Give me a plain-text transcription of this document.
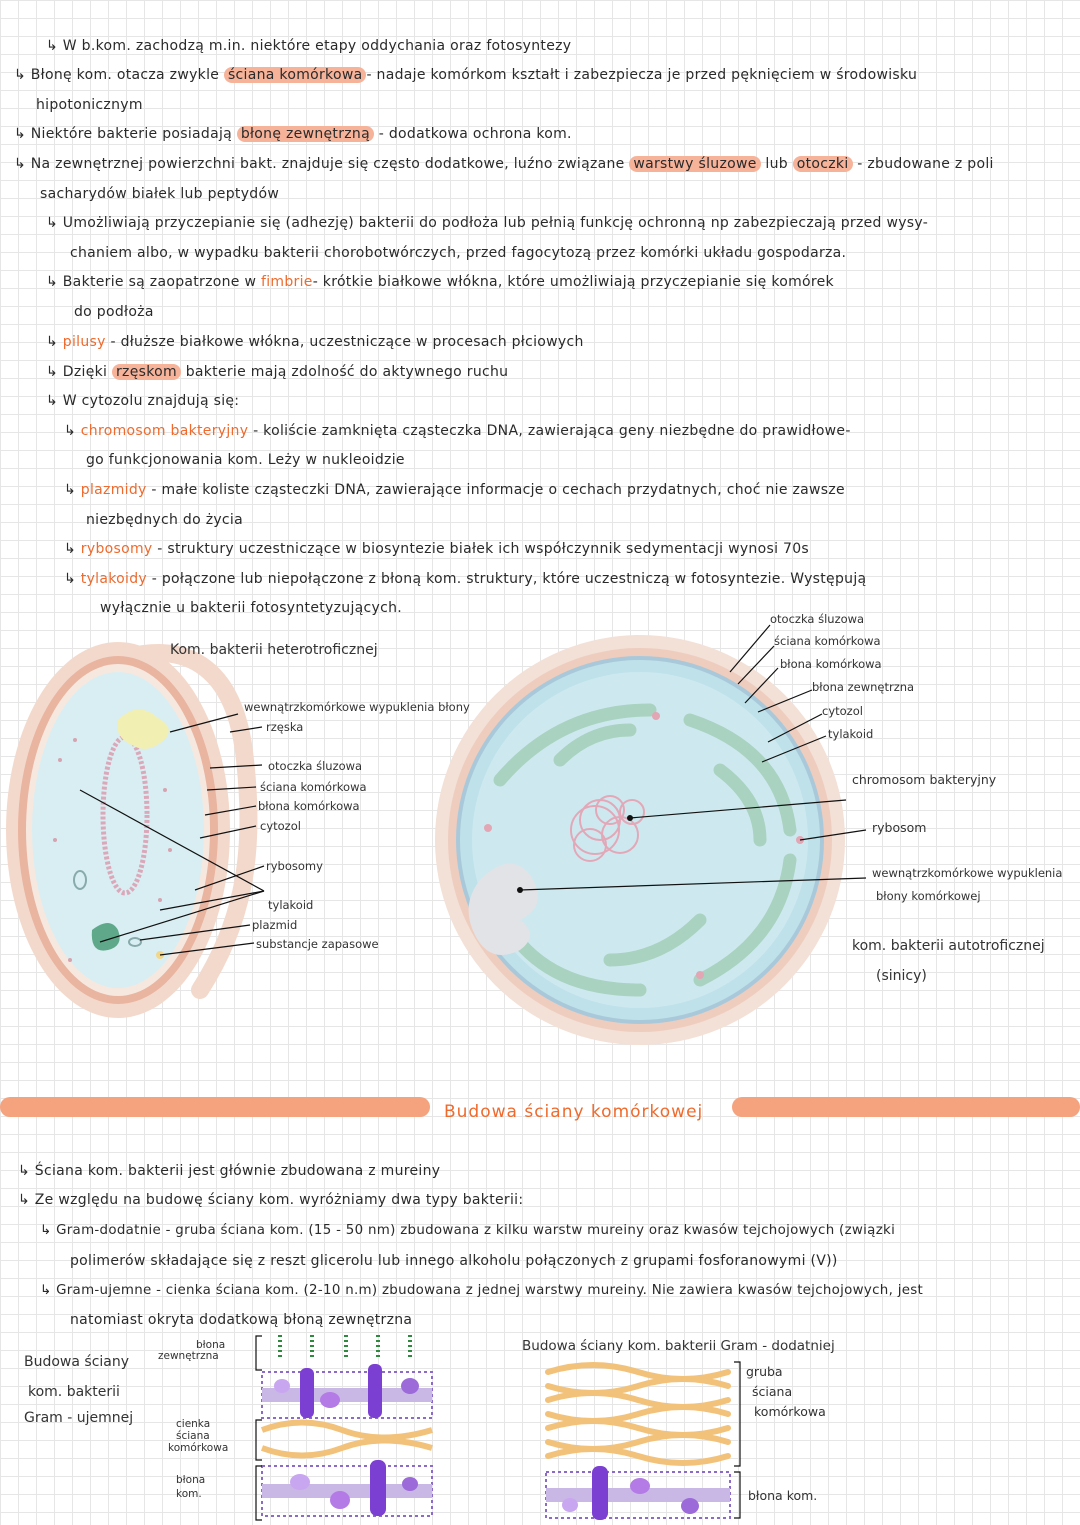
↳ W b.kom. zachodzą m.in. niektóre etapy oddychania oraz fotosyntezy
↳ Błonę kom. otacza zwykle ściana komórkowa - nadaje komórkom kształt i zabezpiecza je przed pęknięciem w środowisku
hipotonicznym
↳ Niektóre bakterie posiadają błonę zewnętrzną - dodatkowa ochrona kom.
↳ Na zewnętrznej powierzchni bakt. znajduje się często dodatkowe, luźno związane warstwy śluzowe lub otoczki - zbudowane z poli
sacharydów białek lub peptydów
↳ Umożliwiają przyczepianie się (adhezję) bakterii do podłoża lub pełnią funkcję ochronną np zabezpieczają przed wysy-
chaniem albo, w wypadku bakterii chorobotwórczych, przed fagocytozą przez komórki układu gospodarza.
↳ Bakterie są zaopatrzone w fimbrie- krótkie białkowe włókna, które umożliwiają przyczepianie się komórek
do podłoża
↳ pilusy - dłuższe białkowe włókna, uczestniczące w procesach płciowych
↳ Dzięki rzęskom bakterie mają zdolność do aktywnego ruchu
↳ W cytozolu znajdują się:
↳ chromosom bakteryjny - koliście zamknięta cząsteczka DNA, zawierająca geny niezbędne do prawidłowe-
go funkcjonowania kom. Leży w nukleoidzie
↳ plazmidy - małe koliste cząsteczki DNA, zawierające informacje o cechach przydatnych, choć nie zawsze
niezbędnych do życia
↳ rybosomy - struktury uczestniczące w biosyntezie białek ich współczynnik sedymentacji wynosi 70s
↳ tylakoidy - połączone lub niepołączone z błoną kom. struktury, które uczestniczą w fotosyntezie. Występują
wyłącznie u bakterii fotosyntetyzujących.
Kom. bakterii heterotroficznej
wewnątrzkomórkowe wypuklenia błony
rzęska
otoczka śluzowa
ściana komórkowa
błona komórkowa
cytozol
rybosomy
tylakoid
plazmid
substancje zapasowe
otoczka śluzowa
ściana komórkowa
błona komórkowa
błona zewnętrzna
cytozol
tylakoid
chromosom bakteryjny
rybosom
wewnątrzkomórkowe wypuklenia
błony komórkowej
kom. bakterii autotroficznej
(sinicy)
Budowa ściany komórkowej
↳ Ściana kom. bakterii jest głównie zbudowana z mureiny
↳ Ze względu na budowę ściany kom. wyróżniamy dwa typy bakterii:
↳ Gram-dodatnie - gruba ściana kom. (15 - 50 nm) zbudowana z kilku warstw mureiny oraz kwasów tejchojowych (związki
polimerów składające się z reszt glicerolu lub innego alkoholu połączonych z grupami fosforanowymi (V))
↳ Gram-ujemne - cienka ściana kom. (2-10 n.m) zbudowana z jednej warstwy mureiny. Nie zawiera kwasów tejchojowych, jest
natomiast okryta dodatkową błoną zewnętrzna
Budowa ściany
kom. bakterii
Gram - ujemnej
błona
zewnętrzna
cienka
ściana
komórkowa
błona
kom.
Budowa ściany kom. bakterii Gram - dodatniej
gruba
ściana
komórkowa
błona kom.
